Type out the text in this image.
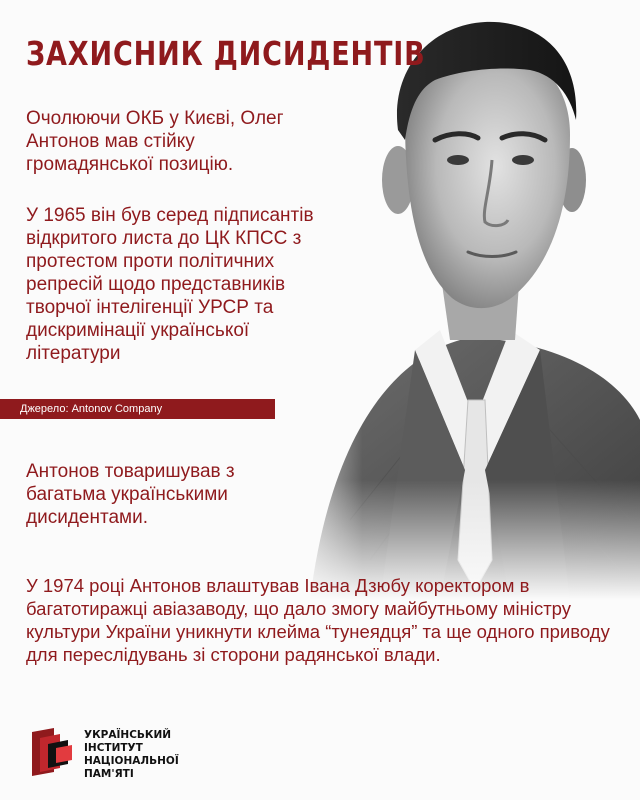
ЗАХИСНИК ДИСИДЕНТІВ

Очолюючи ОКБ у Києві, Олег Антонов мав стійку громадянської позицію.

У 1965 він був серед підписантів відкритого листа до ЦК КПСС з протестом проти політичних репресій щодо представників творчої інтелігенції УРСР та дискримінації української літератури

Джерело: Antonov Company

Антонов товаришував з багатьма українськими дисидентами.

У 1974 році Антонов влаштував Івана Дзюбу коректором в багатотиражці авіазаводу, що дало змогу майбутньому міністру культури України уникнути клейма “тунеядця” та ще одного приводу для переслідувань зі сторони радянської влади.

УКРАЇНСЬКИЙ
ІНСТИТУТ
НАЦІОНАЛЬНОЇ
ПАМ'ЯТІ
